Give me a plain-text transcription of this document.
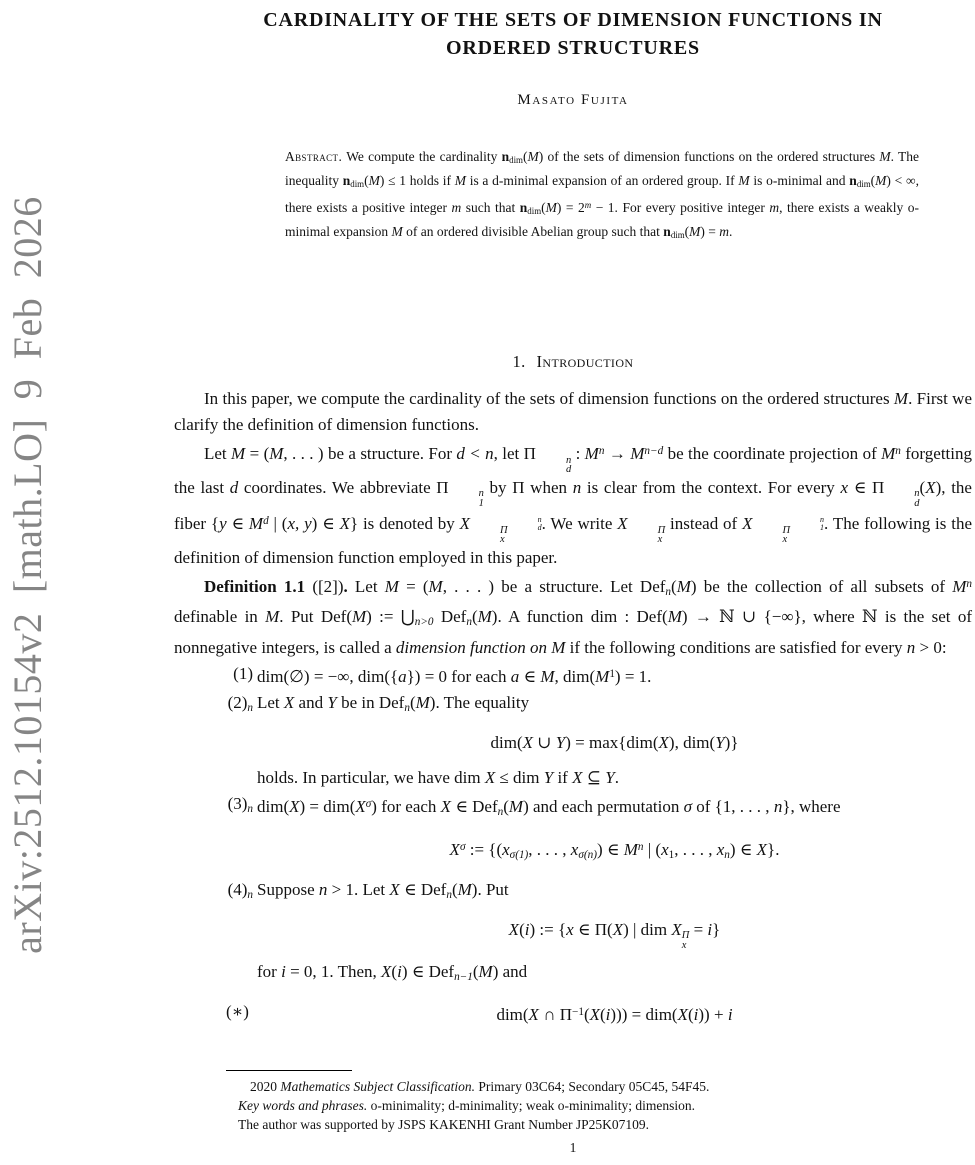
arXiv:2512.10154v2 [math.LO] 9 Feb 2026
CARDINALITY OF THE SETS OF DIMENSION FUNCTIONS IN
ORDERED STRUCTURES
Masato Fujita
Abstract. We compute the cardinality ndim(M) of the sets of dimension functions on the ordered structures M. The inequality ndim(M) ≤ 1 holds if M is a d-minimal expansion of an ordered group. If M is o-minimal and ndim(M) < ∞, there exists a positive integer m such that ndim(M) = $2^m - 1$. For every positive integer m, there exists a weakly o-minimal expansion M of an ordered divisible Abelian group such that ndim(M) = m.
1. Introduction

In this paper, we compute the cardinality of the sets of dimension functions on the ordered structures M. First we clarify the definition of dimension functions.

Let M = (M, . . . ) be a structure. For d < n, let Π	n
d
: $M^n \to M^{n-d}$ be the coordinate projection of $M^n$ forgetting the last d coordinates. We abbreviate Π	n
1
by Π when n is clear from the context. For every x ∈ Π	n
d
(X), the fiber {y ∈ $M^d$ | (x, y) ∈ X} is denoted by X	Π
x
n
d . We write X	Π
x
instead of X	Π
x
n
1 . The following is the definition of dimension function employed in this paper.

Definition 1.1 ([2]). Let M = (M, . . . ) be a structure. Let Defn(M) be the collection of all subsets of $M^n$ definable in M. Put Def(M) := ⋃n>0 Defn(M). A function dim : Def(M) → ℕ ∪ {−∞}, where ℕ is the set of nonnegative integers, is called a dimension function on M if the following conditions are satisfied for every n > 0:

(1) dim(∅) = −∞, dim({a}) = 0 for each a ∈ M, $dim(M^1) = 1$.
(2)n Let X and Y be in Defn(M). The equality

dim(X ∪ Y) = max{dim(X), dim(Y)}

holds. In particular, we have dim X ≤ dim Y if X ⊆ Y.

(3)n $dim(X) = dim(X^\sigma)$ for each X ∈ Defn(M) and each permutation σ of {1, . . . , n}, where

$X^\sigma$ := {(xσ(1), . . . , xσ(n)) ∈ $M^n$ | (x1, . . . , xn) ∈ X}.
(4)n Suppose n > 1. Let X ∈ Defn(M). Put

X(i) := {x ∈ Π(X) | dim X Π
x
= i}

for i = 0, 1. Then, X(i) ∈ Defn−1(M) and

(∗)	dim(X ∩ $\Pi^{-1}(X(i))) = dim(X(i)) + i$

2020 Mathematics Subject Classification. Primary 03C64; Secondary 05C45, 54F45.

Key words and phrases. o-minimality; d-minimality; weak o-minimality; dimension.

The author was supported by JSPS KAKENHI Grant Number JP25K07109.

1
